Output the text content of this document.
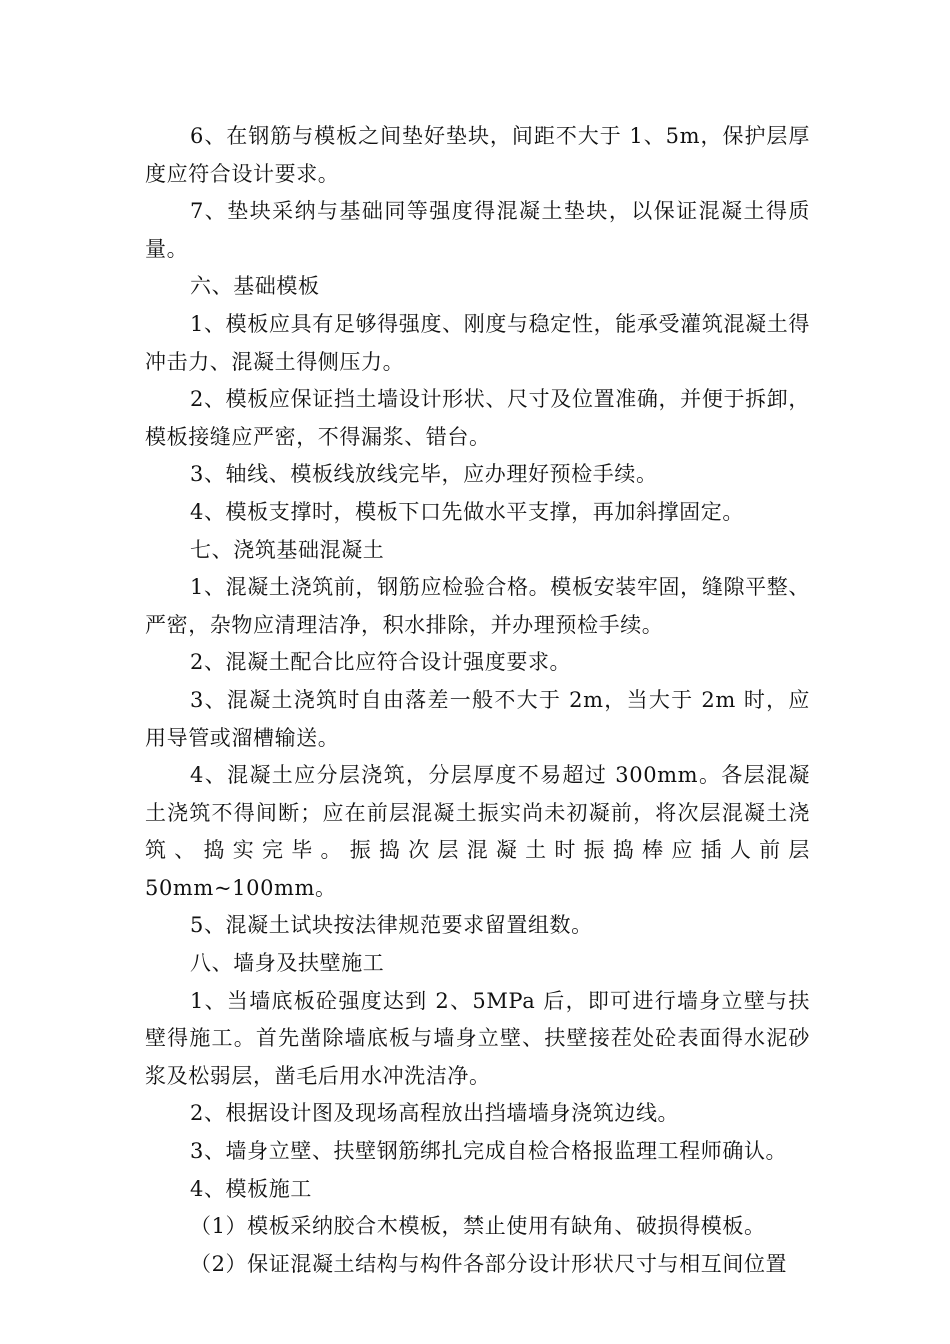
6、在钢筋与模板之间垫好垫块，间距不大于 1、5m，保护层厚度应符合设计要求。

7、垫块采纳与基础同等强度得混凝土垫块，以保证混凝土得质量。

六、基础模板

1、模板应具有足够得强度、刚度与稳定性，能承受灌筑混凝土得冲击力、混凝土得侧压力。

2、模板应保证挡土墙设计形状、尺寸及位置准确，并便于拆卸，模板接缝应严密，不得漏浆、错台。

3、轴线、模板线放线完毕，应办理好预检手续。

4、模板支撑时，模板下口先做水平支撑，再加斜撑固定。

七、浇筑基础混凝土

1、混凝土浇筑前，钢筋应检验合格。模板安装牢固，缝隙平整、严密，杂物应清理洁净，积水排除，并办理预检手续。

2、混凝土配合比应符合设计强度要求。

3、混凝土浇筑时自由落差一般不大于 2m，当大于 2m 时，应用导管或溜槽输送。

4、混凝土应分层浇筑，分层厚度不易超过 300mm。各层混凝土浇筑不得间断；应在前层混凝土振实尚未初凝前，将次层混凝土浇筑、捣实完毕。振捣次层混凝土时振捣棒应插人前层 50mm~100mm。

5、混凝土试块按法律规范要求留置组数。

八、墙身及扶壁施工

1、当墙底板砼强度达到 2、5MPa 后，即可进行墙身立壁与扶壁得施工。首先凿除墙底板与墙身立壁、扶壁接茬处砼表面得水泥砂浆及松弱层，凿毛后用水冲洗洁净。

2、根据设计图及现场高程放出挡墙墙身浇筑边线。

3、墙身立壁、扶壁钢筋绑扎完成自检合格报监理工程师确认。

4、模板施工

（1）模板采纳胶合木模板，禁止使用有缺角、破损得模板。

（2）保证混凝土结构与构件各部分设计形状尺寸与相互间位置
